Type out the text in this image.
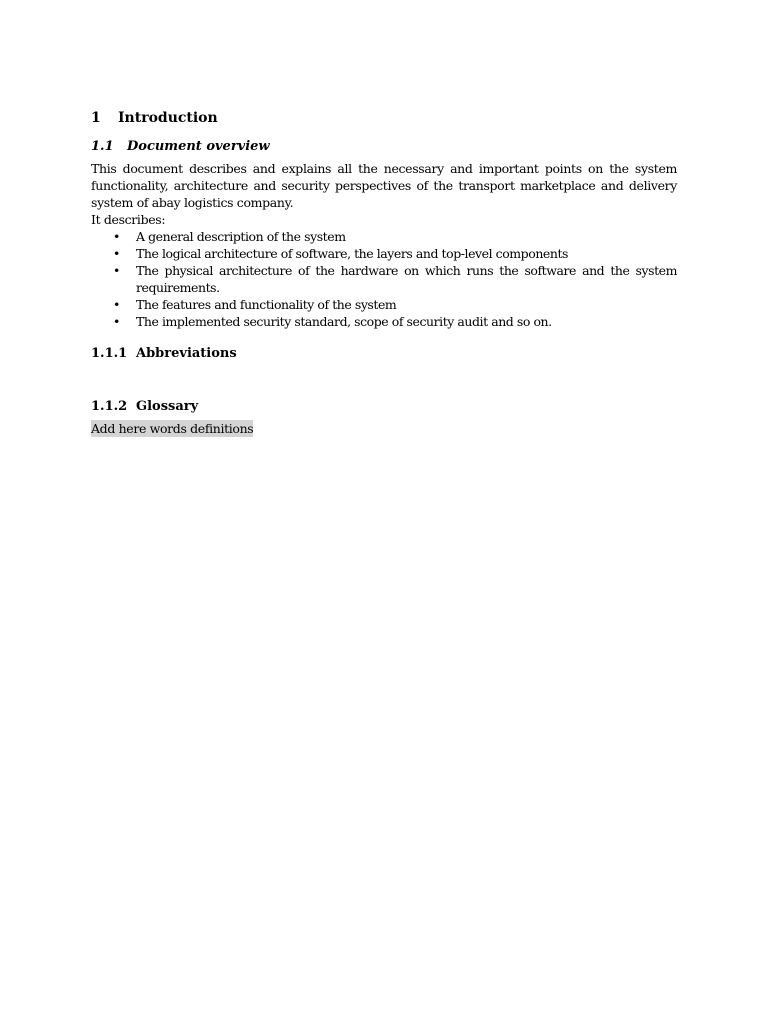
1	Introduction
1.1	Document overview

This document describes and explains all the necessary and important points on the system functionality, architecture and security perspectives of the transport marketplace and delivery system of abay logistics company.

It describes:

•	A general description of the system
•	The logical architecture of software, the layers and top-level components
•	The physical architecture of the hardware on which runs the software and the system requirements.
•	The features and functionality of the system
•	The implemented security standard, scope of security audit and so on.
1.1.1 Abbreviations
1.1.2 Glossary
Add here words definitions
